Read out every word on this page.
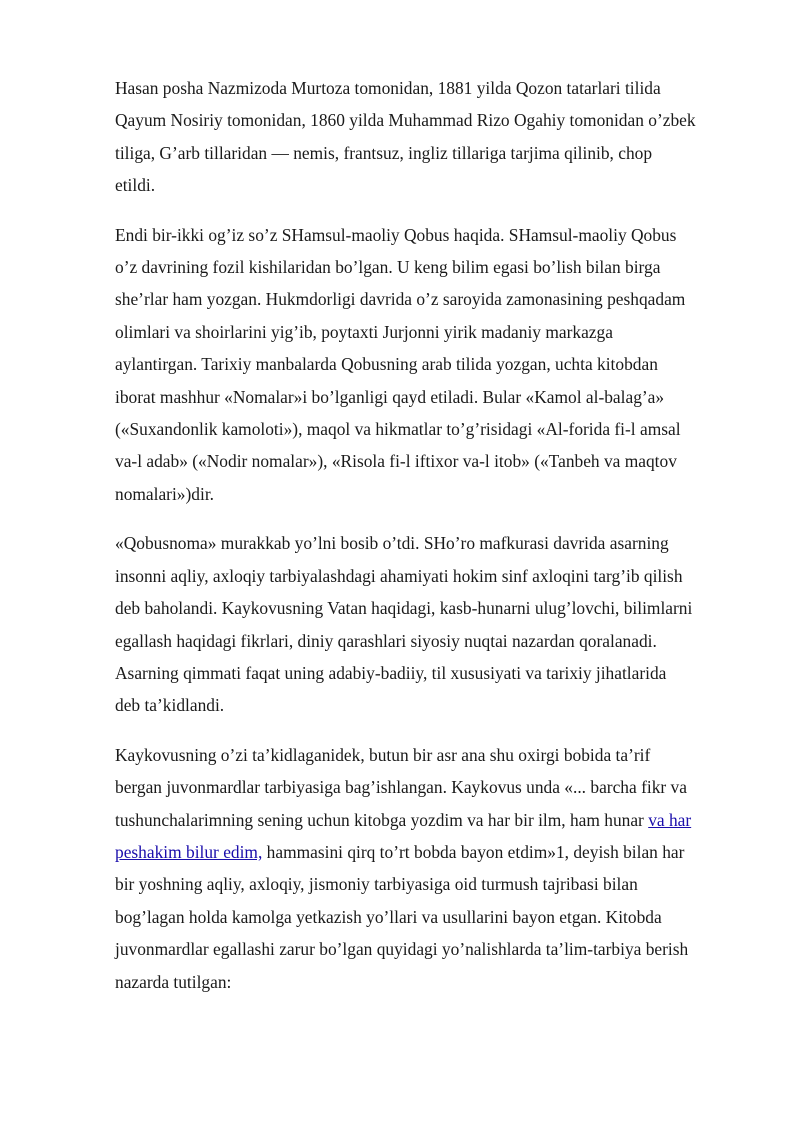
Hasan posha Nazmizoda Murtoza tomonidan, 1881 yilda Qozon tatarlari tilida
Qayum Nosiriy tomonidan, 1860 yilda Muhammad Rizo Ogahiy tomonidan o’zbek
tiliga, G’arb tillaridan — nemis, frantsuz, ingliz tillariga tarjima qilinib, chop
etildi.

Endi bir-ikki og’iz so’z SHamsul-maoliy Qobus haqida. SHamsul-maoliy Qobus
o’z davrining fozil kishilaridan bo’lgan. U keng bilim egasi bo’lish bilan birga
she’rlar ham yozgan. Hukmdorligi davrida o’z saroyida zamonasining peshqadam
olimlari va shoirlarini yig’ib, poytaxti Jurjonni yirik madaniy markazga
aylantirgan. Tarixiy manbalarda Qobusning arab tilida yozgan, uchta kitobdan
iborat mashhur «Nomalar»i bo’lganligi qayd etiladi. Bular «Kamol al-balag’a»
(«Suxandonlik kamoloti»), maqol va hikmatlar to’g’risidagi «Al-forida fi-l amsal
va-l adab» («Nodir nomalar»), «Risola fi-l iftixor va-l itob» («Tanbeh va maqtov
nomalari»)dir.

«Qobusnoma» murakkab yo’lni bosib o’tdi. SHo’ro mafkurasi davrida asarning
insonni aqliy, axloqiy tarbiyalashdagi ahamiyati hokim sinf axloqini targ’ib qilish
deb baholandi. Kaykovusning Vatan haqidagi, kasb-hunarni ulug’lovchi, bilimlarni
egallash haqidagi fikrlari, diniy qarashlari siyosiy nuqtai nazardan qoralanadi.
Asarning qimmati faqat uning adabiy-badiiy, til xususiyati va tarixiy jihatlarida
deb ta’kidlandi.

Kaykovusning o’zi ta’kidlaganidek, butun bir asr ana shu oxirgi bobida ta’rif
bergan juvonmardlar tarbiyasiga bag’ishlangan. Kaykovus unda «... barcha fikr va
tushunchalarimning sening uchun kitobga yozdim va har bir ilm, ham hunar va har
peshakim bilur edim, hammasini qirq to’rt bobda bayon etdim»1, deyish bilan har
bir yoshning aqliy, axloqiy, jismoniy tarbiyasiga oid turmush tajribasi bilan
bog’lagan holda kamolga yetkazish yo’llari va usullarini bayon etgan. Kitobda
juvonmardlar egallashi zarur bo’lgan quyidagi yo’nalishlarda ta’lim-tarbiya berish
nazarda tutilgan:
